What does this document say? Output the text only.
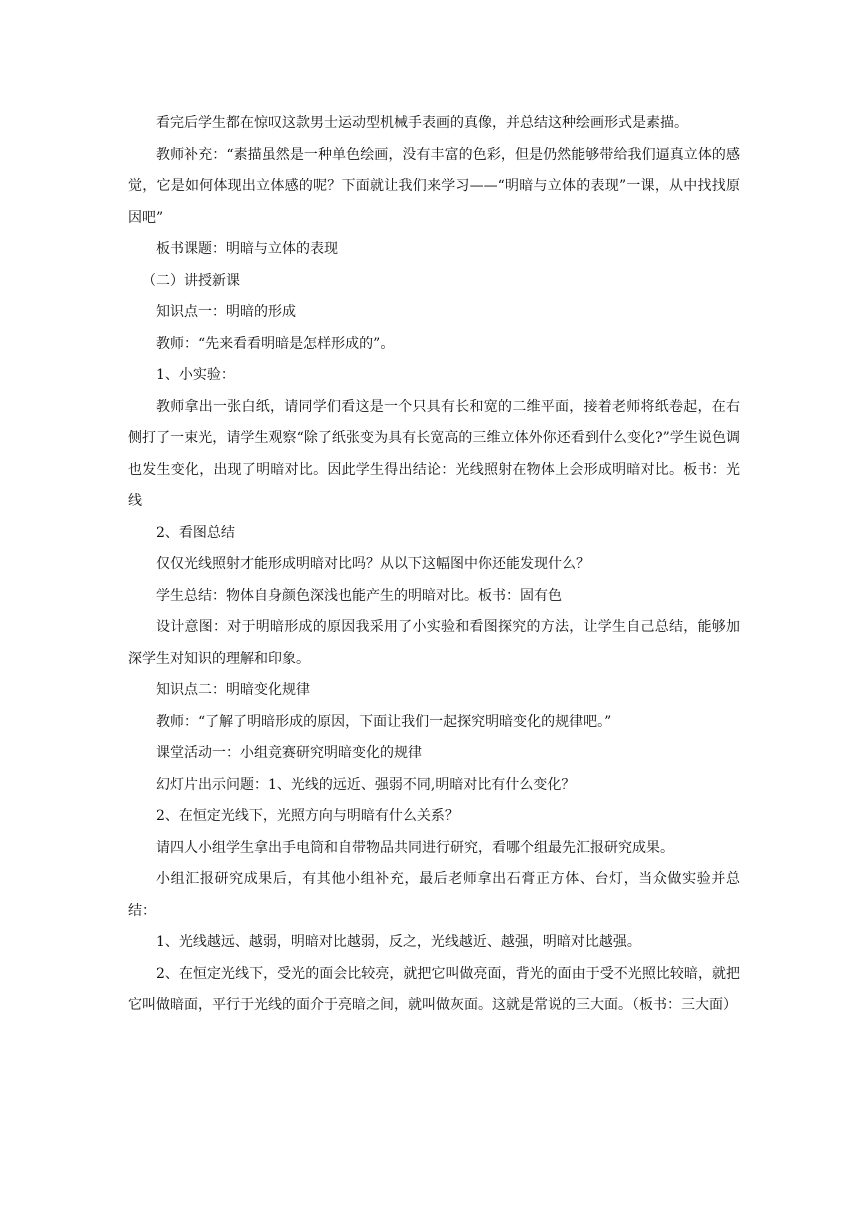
看完后学生都在惊叹这款男士运动型机械手表画的真像，并总结这种绘画形式是素描。

教师补充：“素描虽然是一种单色绘画，没有丰富的色彩，但是仍然能够带给我们逼真立体的感觉，它是如何体现出立体感的呢？下面就让我们来学习——“明暗与立体的表现”一课，从中找找原因吧”

板书课题：明暗与立体的表现

（二）讲授新课

知识点一：明暗的形成

教师：“先来看看明暗是怎样形成的”。

1、小实验：

教师拿出一张白纸，请同学们看这是一个只具有长和宽的二维平面，接着老师将纸卷起，在右侧打了一束光，请学生观察“除了纸张变为具有长宽高的三维立体外你还看到什么变化?”学生说色调也发生变化，出现了明暗对比。因此学生得出结论：光线照射在物体上会形成明暗对比。板书：光线

2、看图总结

仅仅光线照射才能形成明暗对比吗？从以下这幅图中你还能发现什么？

学生总结：物体自身颜色深浅也能产生的明暗对比。板书：固有色

设计意图：对于明暗形成的原因我采用了小实验和看图探究的方法，让学生自己总结，能够加深学生对知识的理解和印象。

知识点二：明暗变化规律

教师：“了解了明暗形成的原因，下面让我们一起探究明暗变化的规律吧。”

课堂活动一：小组竞赛研究明暗变化的规律

幻灯片出示问题：1、光线的远近、强弱不同,明暗对比有什么变化？

2、在恒定光线下，光照方向与明暗有什么关系？

请四人小组学生拿出手电筒和自带物品共同进行研究，看哪个组最先汇报研究成果。

小组汇报研究成果后，有其他小组补充，最后老师拿出石膏正方体、台灯，当众做实验并总结：

1、光线越远、越弱，明暗对比越弱，反之，光线越近、越强，明暗对比越强。

2、在恒定光线下，受光的面会比较亮，就把它叫做亮面，背光的面由于受不光照比较暗，就把它叫做暗面，平行于光线的面介于亮暗之间，就叫做灰面。这就是常说的三大面。（板书：三大面）
